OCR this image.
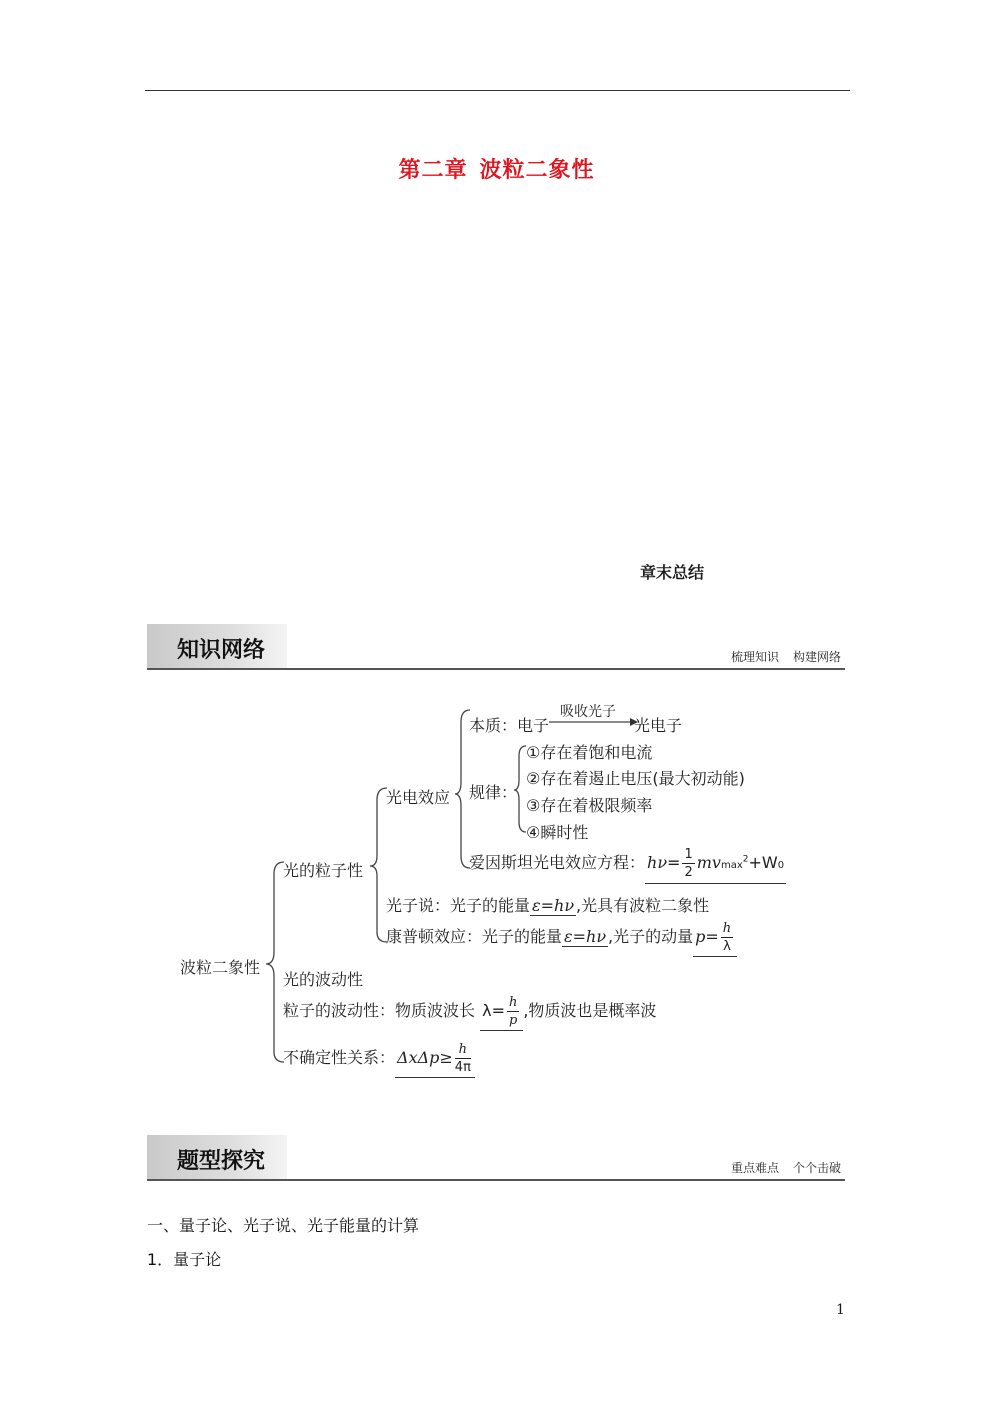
第二章 波粒二象性
章末总结
知识网络	梳理知识 构建网络
波粒二象性
光的粒子性
光电效应
本质：电子
吸收光子
光电子
规律：
①存在着饱和电流
②存在着遏止电压(最大初动能)
③存在着极限频率
④瞬时性
爱因斯坦光电效应方程： $h\nu= \frac{1}{2} mvmax^2+W0$
光子说：光子的能量 ε=hν ,光具有波粒二象性
康普顿效应：光子的能量 ε=hν ,光子的动量 $p= \frac{h}{\lambda}$
光的波动性
粒子的波动性：物质波波长 $\lambda= \frac{h}{p}$ ,物质波也是概率波
不确定性关系： $\Delta x\Delta p\ge \frac{h}{4\pi}$
题型探究	重点难点 个个击破
一、量子论、光子说、光子能量的计算
1．量子论
1
